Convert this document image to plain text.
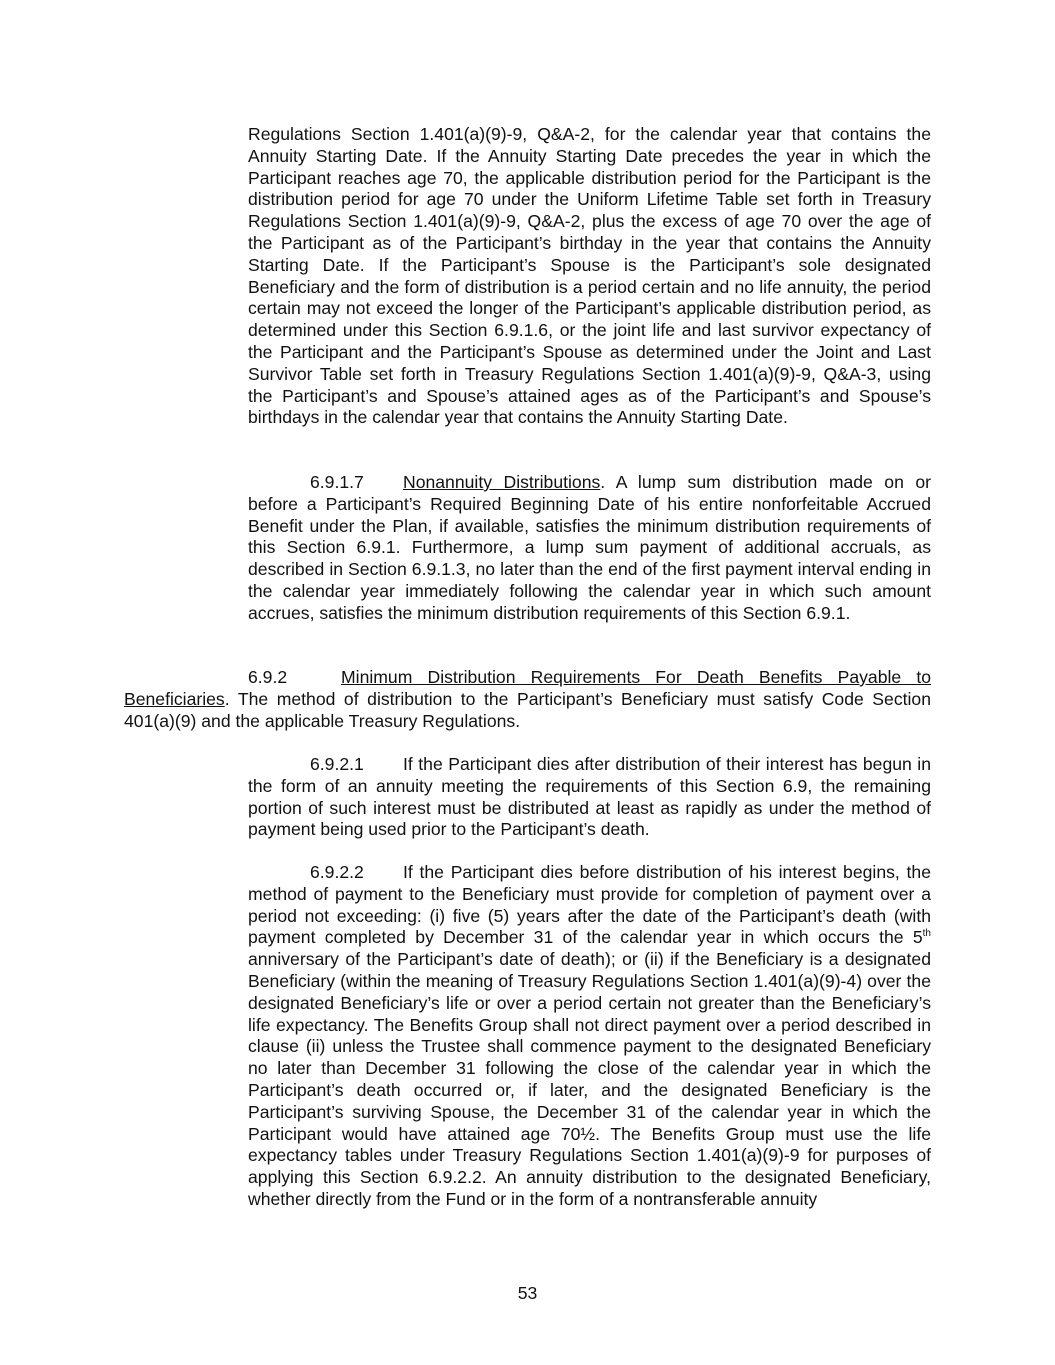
Regulations Section 1.401(a)(9)-9, Q&A-2, for the calendar year that contains the Annuity Starting Date. If the Annuity Starting Date precedes the year in which the Participant reaches age 70, the applicable distribution period for the Participant is the distribution period for age 70 under the Uniform Lifetime Table set forth in Treasury Regulations Section 1.401(a)(9)-9, Q&A-2, plus the excess of age 70 over the age of the Participant as of the Participant’s birthday in the year that contains the Annuity Starting Date. If the Participant’s Spouse is the Participant’s sole designated Beneficiary and the form of distribution is a period certain and no life annuity, the period certain may not exceed the longer of the Participant’s applicable distribution period, as determined under this Section 6.9.1.6, or the joint life and last survivor expectancy of the Participant and the Participant’s Spouse as determined under the Joint and Last Survivor Table set forth in Treasury Regulations Section 1.401(a)(9)-9, Q&A-3, using the Participant’s and Spouse’s attained ages as of the Participant’s and Spouse’s birthdays in the calendar year that contains the Annuity Starting Date.

6.9.1.7 Nonannuity Distributions. A lump sum distribution made on or before a Participant’s Required Beginning Date of his entire nonforfeitable Accrued Benefit under the Plan, if available, satisfies the minimum distribution requirements of this Section 6.9.1. Furthermore, a lump sum payment of additional accruals, as described in Section 6.9.1.3, no later than the end of the first payment interval ending in the calendar year immediately following the calendar year in which such amount accrues, satisfies the minimum distribution requirements of this Section 6.9.1.

6.9.2	Minimum Distribution Requirements For Death Benefits Payable to Beneficiaries. The method of distribution to the Participant’s Beneficiary must satisfy Code Section 401(a)(9) and the applicable Treasury Regulations.

6.9.2.1 If the Participant dies after distribution of their interest has begun in the form of an annuity meeting the requirements of this Section 6.9, the remaining portion of such interest must be distributed at least as rapidly as under the method of payment being used prior to the Participant’s death.

6.9.2.2 If the Participant dies before distribution of his interest begins, the method of payment to the Beneficiary must provide for completion of payment over a period not exceeding: (i) five (5) years after the date of the Participant’s death (with payment completed by December 31 of the calendar year in which occurs the 5th anniversary of the Participant’s date of death); or (ii) if the Beneficiary is a designated Beneficiary (within the meaning of Treasury Regulations Section 1.401(a)(9)-4) over the designated Beneficiary’s life or over a period certain not greater than the Beneficiary’s life expectancy. The Benefits Group shall not direct payment over a period described in clause (ii) unless the Trustee shall commence payment to the designated Beneficiary no later than December 31 following the close of the calendar year in which the Participant’s death occurred or, if later, and the designated Beneficiary is the Participant’s surviving Spouse, the December 31 of the calendar year in which the Participant would have attained age 70½. The Benefits Group must use the life expectancy tables under Treasury Regulations Section 1.401(a)(9)-9 for purposes of applying this Section 6.9.2.2. An annuity distribution to the designated Beneficiary, whether directly from the Fund or in the form of a nontransferable annuity

53
